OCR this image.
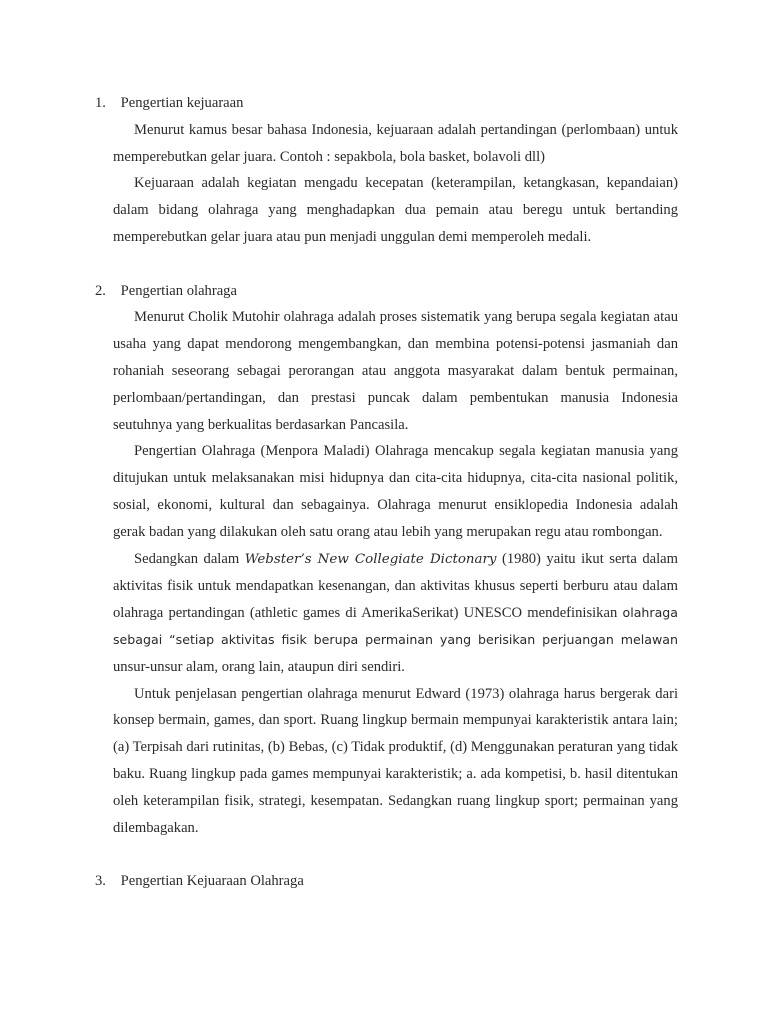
1. Pengertian kejuaraan

Menurut kamus besar bahasa Indonesia, kejuaraan adalah pertandingan (perlombaan) untuk memperebutkan gelar juara. Contoh : sepakbola, bola basket, bolavoli dll)

Kejuaraan adalah kegiatan mengadu kecepatan (keterampilan, ketangkasan, kepandaian) dalam bidang olahraga yang menghadapkan dua pemain atau beregu untuk bertanding memperebutkan gelar juara atau pun menjadi unggulan demi memperoleh medali.

2. Pengertian olahraga

Menurut Cholik Mutohir olahraga adalah proses sistematik yang berupa segala kegiatan atau usaha yang dapat mendorong mengembangkan, dan membina potensi-potensi jasmaniah dan rohaniah seseorang sebagai perorangan atau anggota masyarakat dalam bentuk permainan, perlombaan/pertandingan, dan prestasi puncak dalam pembentukan manusia Indonesia seutuhnya yang berkualitas berdasarkan Pancasila.

Pengertian Olahraga (Menpora Maladi) Olahraga mencakup segala kegiatan manusia yang ditujukan untuk melaksanakan misi hidupnya dan cita-cita hidupnya, cita-cita nasional politik, sosial, ekonomi, kultural dan sebagainya. Olahraga menurut ensiklopedia Indonesia adalah gerak badan yang dilakukan oleh satu orang atau lebih yang merupakan regu atau rombongan.

Sedangkan dalam Webster’s New Collegiate Dictonary (1980) yaitu ikut serta dalam aktivitas fisik untuk mendapatkan kesenangan, dan aktivitas khusus seperti berburu atau dalam olahraga pertandingan (athletic games di AmerikaSerikat) UNESCO mendefinisikan olahraga sebagai “setiap aktivitas fisik berupa permainan yang berisikan perjuangan melawan unsur-unsur alam, orang lain, ataupun diri sendiri.

Untuk penjelasan pengertian olahraga menurut Edward (1973) olahraga harus bergerak dari konsep bermain, games, dan sport. Ruang lingkup bermain mempunyai karakteristik antara lain; (a) Terpisah dari rutinitas, (b) Bebas, (c) Tidak produktif, (d) Menggunakan peraturan yang tidak baku. Ruang lingkup pada games mempunyai karakteristik; a. ada kompetisi, b. hasil ditentukan oleh keterampilan fisik, strategi, kesempatan. Sedangkan ruang lingkup sport; permainan yang dilembagakan.

3. Pengertian Kejuaraan Olahraga
